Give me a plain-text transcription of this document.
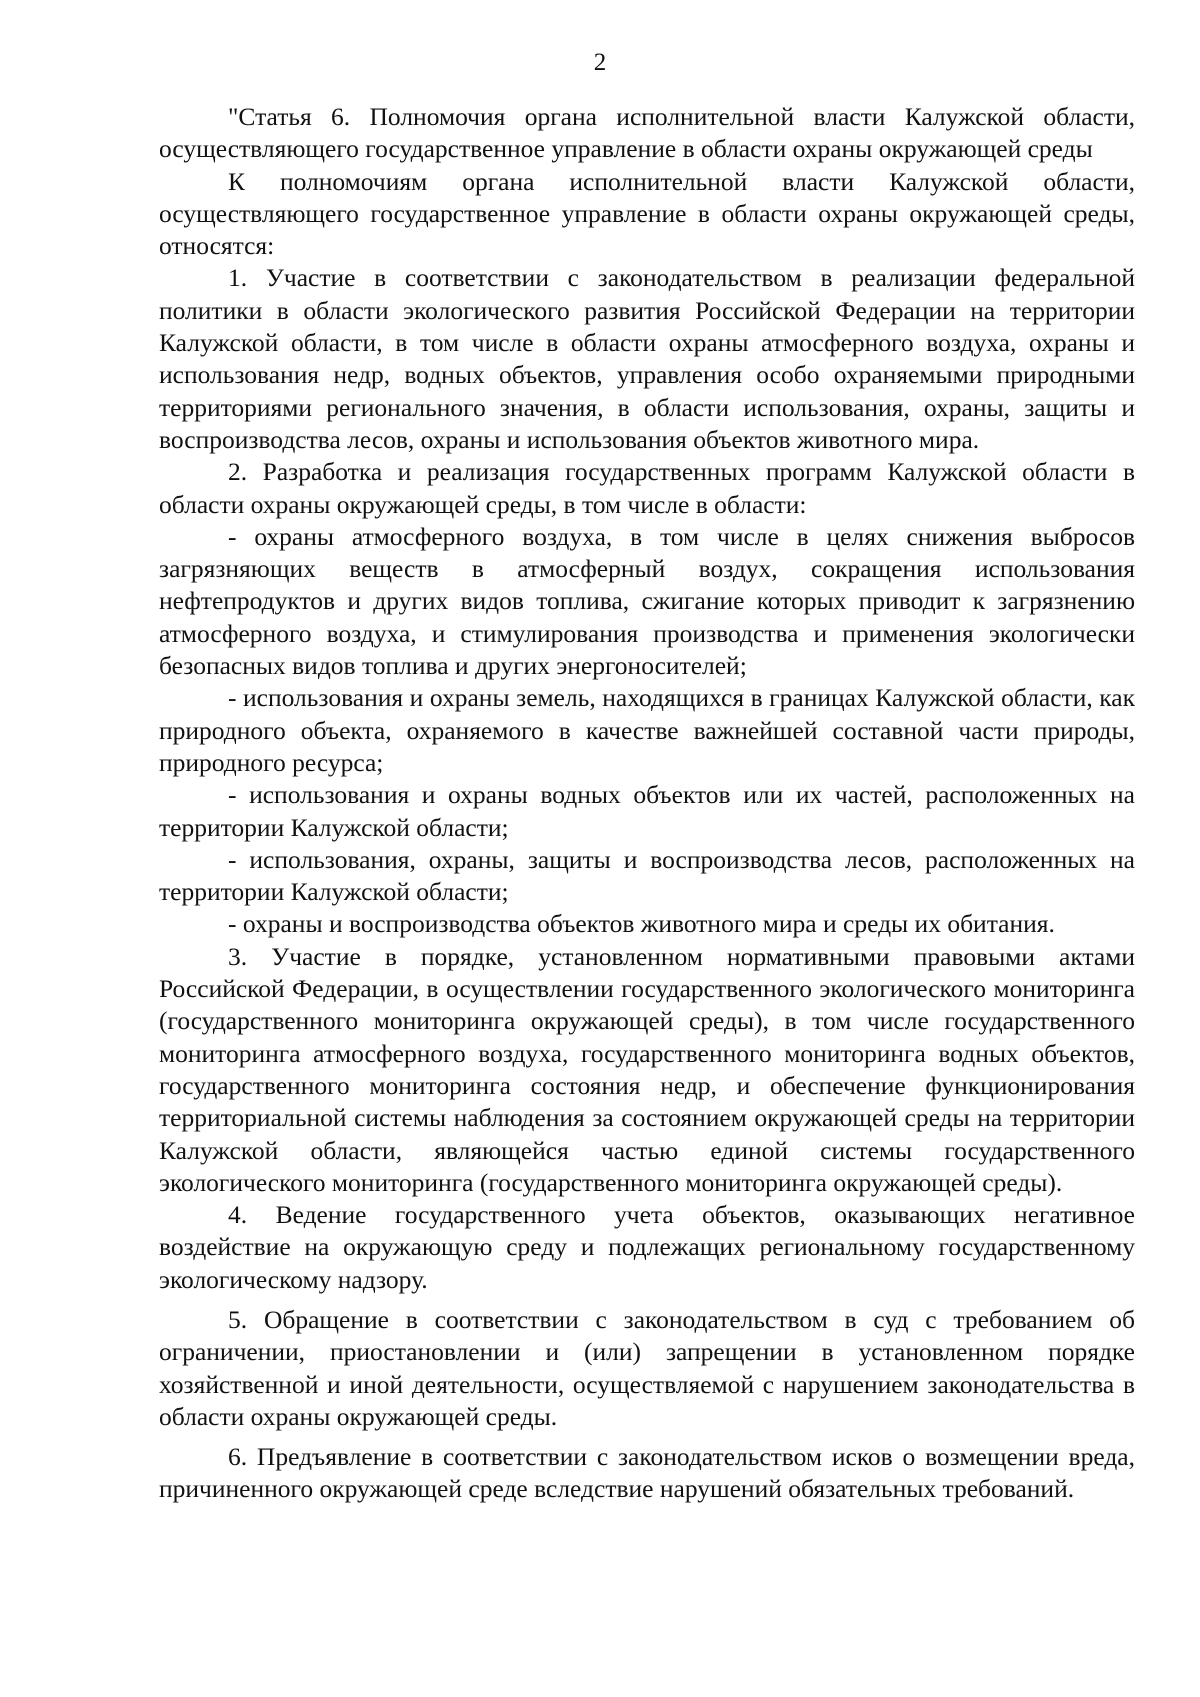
2

"Статья 6. Полномочия органа исполнительной власти Калужской области, осуществляющего государственное управление в области охраны окружающей среды

К полномочиям органа исполнительной власти Калужской области, осуществляющего государственное управление в области охраны окружающей среды, относятся:

1. Участие в соответствии с законодательством в реализации федеральной политики в области экологического развития Российской Федерации на территории Калужской области, в том числе в области охраны атмосферного воздуха, охраны и использования недр, водных объектов, управления особо охраняемыми природными территориями регионального значения, в области использования, охраны, защиты и воспроизводства лесов, охраны и использования объектов животного мира.

2. Разработка и реализация государственных программ Калужской области в области охраны окружающей среды, в том числе в области:

- охраны атмосферного воздуха, в том числе в целях снижения выбросов загрязняющих веществ в атмосферный воздух, сокращения использования нефтепродуктов и других видов топлива, сжигание которых приводит к загрязнению атмосферного воздуха, и стимулирования производства и применения экологически безопасных видов топлива и других энергоносителей;

- использования и охраны земель, находящихся в границах Калужской области, как природного объекта, охраняемого в качестве важнейшей составной части природы, природного ресурса;

- использования и охраны водных объектов или их частей, расположенных на территории Калужской области;

- использования, охраны, защиты и воспроизводства лесов, расположенных на территории Калужской области;

- охраны и воспроизводства объектов животного мира и среды их обитания.

3. Участие в порядке, установленном нормативными правовыми актами Российской Федерации, в осуществлении государственного экологического мониторинга (государственного мониторинга окружающей среды), в том числе государственного мониторинга атмосферного воздуха, государственного мониторинга водных объектов, государственного мониторинга состояния недр, и обеспечение функционирования территориальной системы наблюдения за состоянием окружающей среды на территории Калужской области, являющейся частью единой системы государственного экологического мониторинга (государственного мониторинга окружающей среды).

4. Ведение государственного учета объектов, оказывающих негативное воздействие на окружающую среду и подлежащих региональному государственному экологическому надзору.

5. Обращение в соответствии с законодательством в суд с требованием об ограничении, приостановлении и (или) запрещении в установленном порядке хозяйственной и иной деятельности, осуществляемой с нарушением законодательства в области охраны окружающей среды.

6. Предъявление в соответствии с законодательством исков о возмещении вреда, причиненного окружающей среде вследствие нарушений обязательных требований.
